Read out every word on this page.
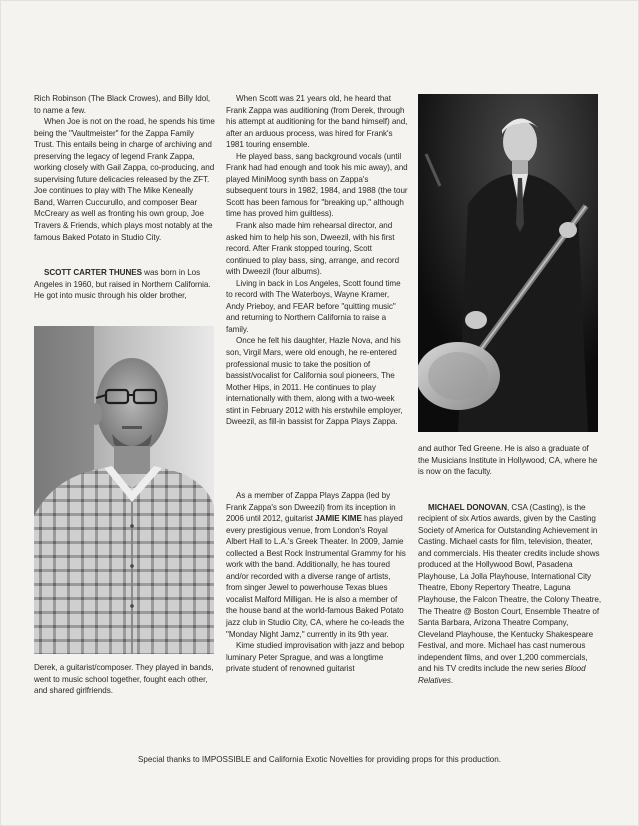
Rich Robinson (The Black Crowes), and Billy Idol, to name a few.

When Joe is not on the road, he spends his time being the "Vaultmeister" for the Zappa Family Trust. This entails being in charge of archiving and preserving the legacy of legend Frank Zappa, working closely with Gail Zappa, co-producing, and supervising future delicacies released by the ZFT. Joe continues to play with The Mike Keneally Band, Warren Cuccurullo, and composer Bear McCreary as well as fronting his own group, Joe Travers & Friends, which plays most notably at the famous Baked Potato in Studio City.

SCOTT CARTER THUNES was born in Los Angeles in 1960, but raised in Northern California. He got into music through his older brother,

Derek, a guitarist/composer. They played in bands, went to music school together, fought each other, and shared girlfriends.

When Scott was 21 years old, he heard that Frank Zappa was auditioning (from Derek, through his attempt at auditioning for the band himself) and, after an arduous process, was hired for Frank's 1981 touring ensemble.

He played bass, sang background vocals (until Frank had had enough and took his mic away), and played MiniMoog synth bass on Zappa's subsequent tours in 1982, 1984, and 1988 (the tour Scott has been famous for "breaking up," although time has proved him guiltless).

Frank also made him rehearsal director, and asked him to help his son, Dweezil, with his first record. After Frank stopped touring, Scott continued to play bass, sing, arrange, and record with Dweezil (four albums).

Living in back in Los Angeles, Scott found time to record with The Waterboys, Wayne Kramer, Andy Prieboy, and FEAR before "quitting music" and returning to Northern California to raise a family.

Once he felt his daughter, Hazle Nova, and his son, Virgil Mars, were old enough, he re-entered professional music to take the position of bassist/vocalist for California soul pioneers, The Mother Hips, in 2011. He continues to play internationally with them, along with a two-week stint in February 2012 with his erstwhile employer, Dweezil, as fill-in bassist for Zappa Plays Zappa.

As a member of Zappa Plays Zappa (led by Frank Zappa's son Dweezil) from its inception in 2006 until 2012, guitarist JAMIE KIME has played every prestigious venue, from London's Royal Albert Hall to L.A.'s Greek Theater. In 2009, Jamie collected a Best Rock Instrumental Grammy for his work with the band. Additionally, he has toured and/or recorded with a diverse range of artists, from singer Jewel to powerhouse Texas blues vocalist Malford Milligan. He is also a member of the house band at the world-famous Baked Potato jazz club in Studio City, CA, where he co-leads the "Monday Night Jamz," currently in its 9th year.

Kime studied improvisation with jazz and bebop luminary Peter Sprague, and was a longtime private student of renowned guitarist

and author Ted Greene. He is also a graduate of the Musicians Institute in Hollywood, CA, where he is now on the faculty.

MICHAEL DONOVAN, CSA (Casting), is the recipient of six Artios awards, given by the Casting Society of America for Outstanding Achievement in Casting. Michael casts for film, television, theater, and commercials. His theater credits include shows produced at the Hollywood Bowl, Pasadena Playhouse, La Jolla Playhouse, International City Theatre, Ebony Repertory Theatre, Laguna Playhouse, the Falcon Theatre, the Colony Theatre, The Theatre @ Boston Court, Ensemble Theatre of Santa Barbara, Arizona Theatre Company, Cleveland Playhouse, the Kentucky Shakespeare Festival, and more. Michael has cast numerous independent films, and over 1,200 commercials, and his TV credits include the new series Blood Relatives.

Special thanks to IMPOSSIBLE and California Exotic Novelties for providing props for this production.
